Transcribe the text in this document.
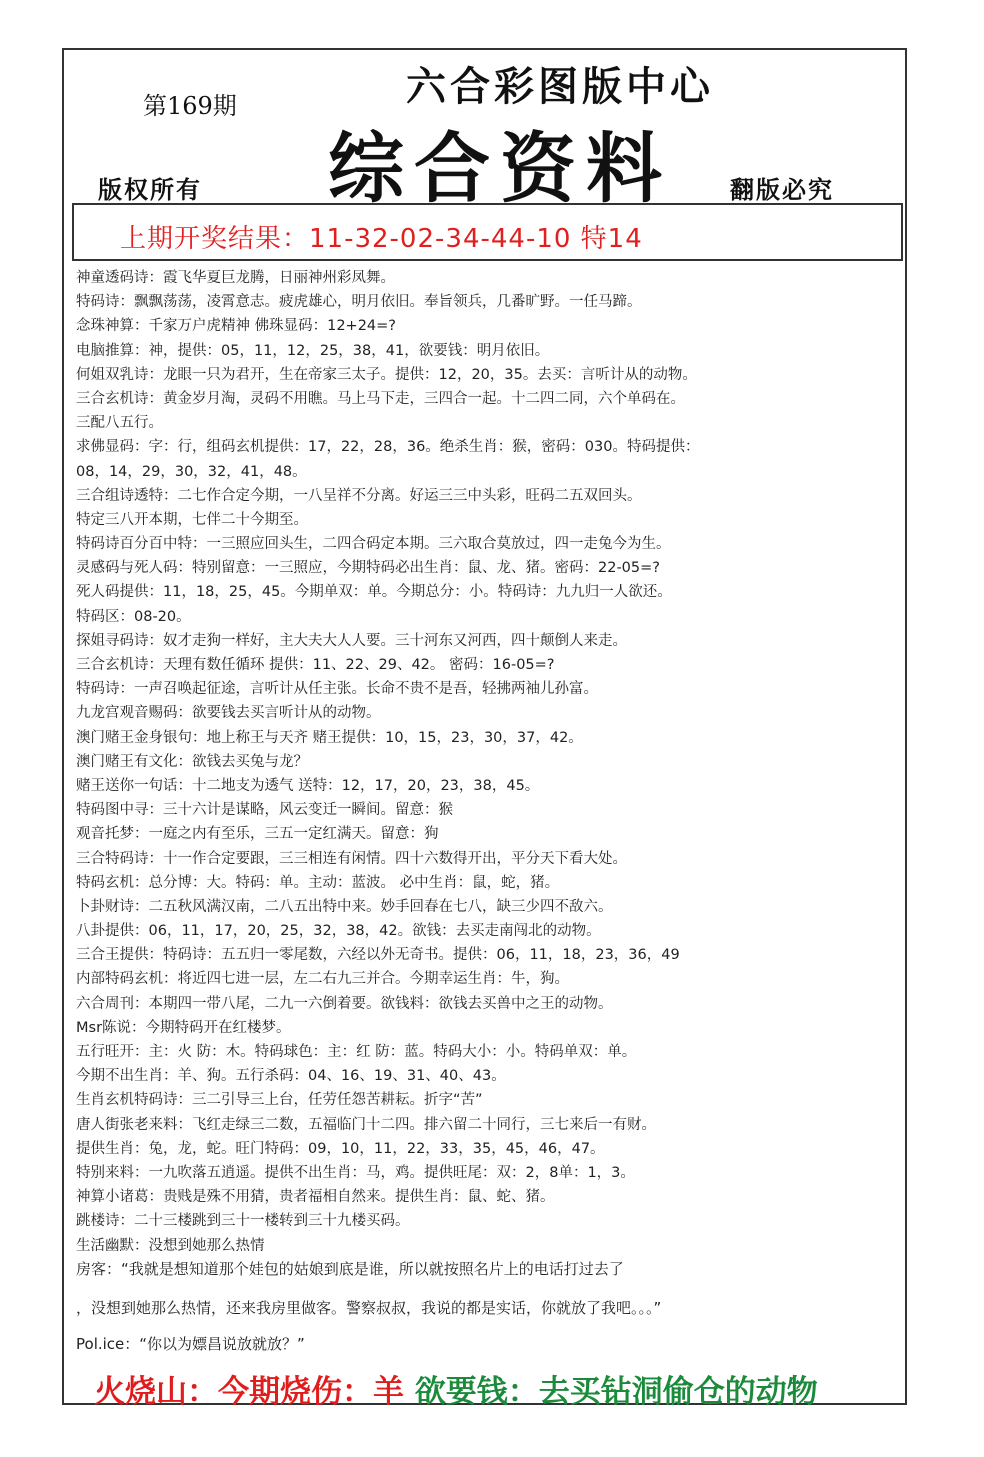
第169期	六合彩图版中心
综合资料
版权所有	翻版必究
上期开奖结果：11-32-02-34-44-10 特14
神童透码诗：霞飞华夏巨龙腾，日丽神州彩凤舞。
特码诗：飘飘荡荡，凌霄意志。疲虎雄心，明月依旧。奉旨领兵，几番旷野。一任马蹄。
念珠神算：千家万户虎精神 佛珠显码：12+24=?
电脑推算：神，提供：05，11，12，25，38，41，欲要钱：明月依旧。
何姐双乳诗：龙眼一只为君开，生在帝家三太子。提供：12，20，35。去买：言听计从的动物。
三合玄机诗：黄金岁月淘，灵码不用瞧。马上马下走，三四合一起。十二四二同，六个单码在。
三配八五行。
求佛显码：字：行，组码玄机提供：17，22，28，36。绝杀生肖：猴，密码：030。特码提供：
08，14，29，30，32，41，48。
三合组诗透特：二七作合定今期，一八呈祥不分离。好运三三中头彩，旺码二五双回头。
特定三八开本期，七伴二十今期至。
特码诗百分百中特：一三照应回头生，二四合码定本期。三六取合莫放过，四一走兔今为生。
灵感码与死人码：特别留意：一三照应，今期特码必出生肖：鼠、龙、猪。密码：22-05=?
死人码提供：11，18，25，45。今期单双：单。今期总分：小。特码诗：九九归一人欲还。
特码区：08-20。
探姐寻码诗：奴才走狗一样好，主大夫大人人要。三十河东又河西，四十颠倒人来走。
三合玄机诗：天理有数任循环 提供：11、22、29、42。 密码：16-05=?
特码诗：一声召唤起征途，言听计从任主张。长命不贵不是吾，轻拂两袖儿孙富。
九龙宫观音赐码：欲要钱去买言听计从的动物。
澳门赌王金身银句：地上称王与天齐 赌王提供：10，15，23，30，37，42。
澳门赌王有文化：欲钱去买兔与龙？
赌王送你一句话：十二地支为透气 送特：12，17，20，23，38，45。
特码图中寻：三十六计是谋略，风云变迁一瞬间。留意：猴
观音托梦：一庭之内有至乐，三五一定红满天。留意：狗
三合特码诗：十一作合定要跟，三三相连有闲情。四十六数得开出，平分天下看大处。
特码玄机：总分博：大。特码：单。主动：蓝波。 必中生肖：鼠，蛇，猪。
卜卦财诗：二五秋风满汉南，二八五出特中来。妙手回春在七八，缺三少四不敌六。
八卦提供：06，11，17，20，25，32，38，42。欲钱：去买走南闯北的动物。
三合王提供：特码诗：五五归一零尾数，六经以外无奇书。提供：06，11，18，23，36，49
内部特码玄机：将近四七进一层，左二右九三并合。今期幸运生肖：牛，狗。
六合周刊：本期四一带八尾，二九一六倒着要。欲钱料：欲钱去买兽中之王的动物。
Msr陈说：今期特码开在红楼梦。
五行旺开：主：火 防：木。特码球色：主：红 防：蓝。特码大小：小。特码单双：单。
今期不出生肖：羊、狗。五行杀码：04、16、19、31、40、43。
生肖玄机特码诗：三二引导三上台，任劳任怨苦耕耘。折字“苦”
唐人街张老来料：飞红走绿三二数，五福临门十二四。排六留二十同行，三七来后一有财。
提供生肖：兔，龙，蛇。旺门特码：09，10，11，22，33，35，45，46，47。
特别来料：一九吹落五逍遥。提供不出生肖：马，鸡。提供旺尾：双：2，8单：1，3。
神算小诸葛：贵贱是殊不用猜，贵者福相自然来。提供生肖：鼠、蛇、猪。
跳楼诗：二十三楼跳到三十一楼转到三十九楼买码。
生活幽默：没想到她那么热情
房客：“我就是想知道那个娃包的姑娘到底是谁，所以就按照名片上的电话打过去了
，没想到她那么热情，还来我房里做客。警察叔叔，我说的都是实话，你就放了我吧。。。”
Pol.ice：“你以为嫖昌说放就放？”
火烧山：今期烧伤：羊 欲要钱：去买钻洞偷仓的动物
